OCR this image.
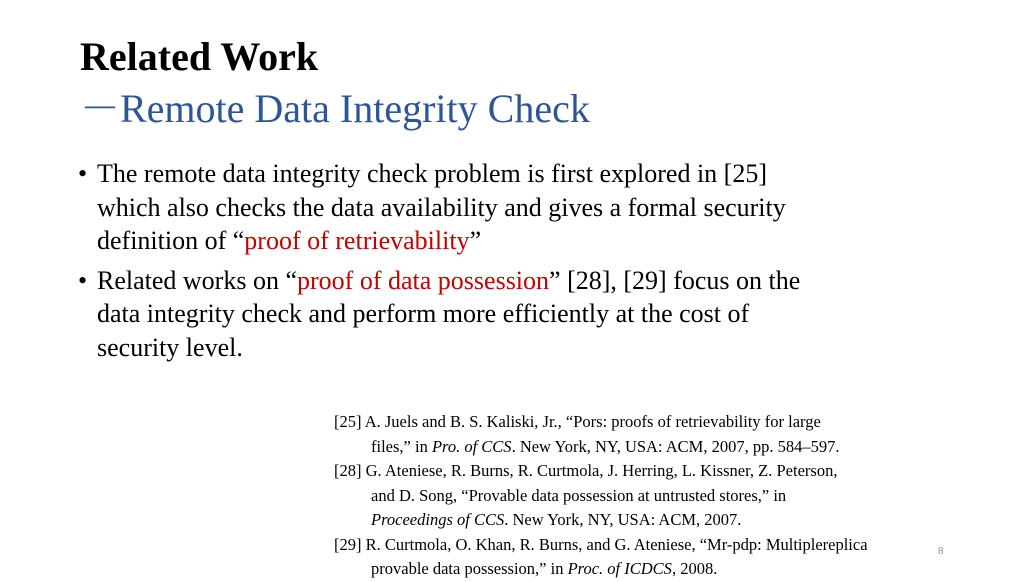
Related Work
－Remote Data Integrity Check
• The remote data integrity check problem is first explored in [25]
which also checks the data availability and gives a formal security
definition of “proof of retrievability”
• Related works on “proof of data possession” [28], [29] focus on the
data integrity check and perform more efficiently at the cost of
security level.
[25] A. Juels and B. S. Kaliski, Jr., “Pors: proofs of retrievability for large
files,” in Pro. of CCS. New York, NY, USA: ACM, 2007, pp. 584–597.
[28] G. Ateniese, R. Burns, R. Curtmola, J. Herring, L. Kissner, Z. Peterson,
and D. Song, “Provable data possession at untrusted stores,” in
Proceedings of CCS. New York, NY, USA: ACM, 2007.
[29] R. Curtmola, O. Khan, R. Burns, and G. Ateniese, “Mr-pdp: Multiplereplica
provable data possession,” in Proc. of ICDCS, 2008.
8
